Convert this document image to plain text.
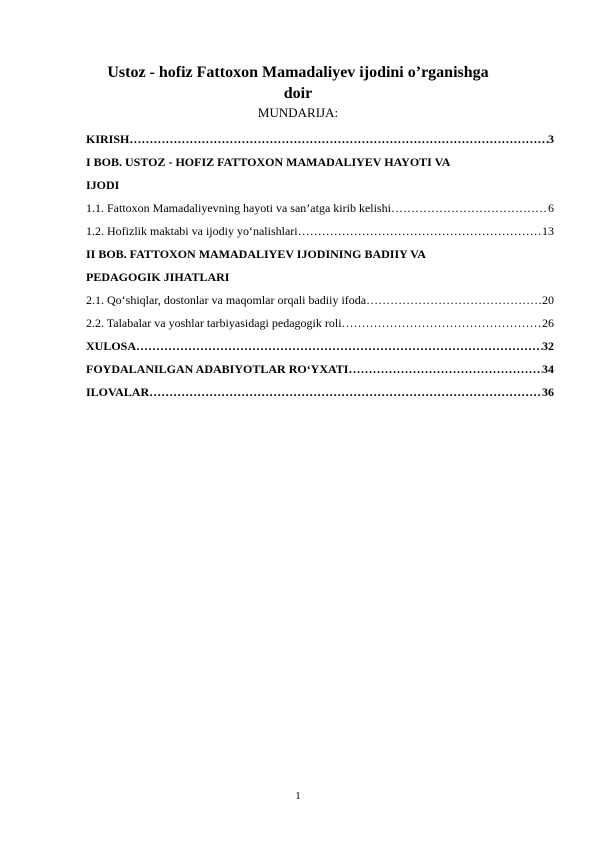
Ustoz - hofiz Fattoxon Mamadaliyev ijodini o’rganishga
doir
MUNDARIJA:
KIRISH ……………………………………………………………………………………………………………	3
I BOB. USTOZ - HOFIZ FATTOXON MAMADALIYEV HAYOTI VA
IJODI
1.1. Fattoxon Mamadaliyevning hayoti va san’atga kirib kelishi ……………………………………………………………………………………………………………	6
1.2. Hofizlik maktabi va ijodiy yo‘nalishlari ……………………………………………………………………………………………………………	13
II BOB. FATTOXON MAMADALIYEV IJODINING BADIIY VA
PEDAGOGIK JIHATLARI
2.1. Qo‘shiqlar, dostonlar va maqomlar orqali badiiy ifoda ……………………………………………………………………………………………………………	20
2.2. Talabalar va yoshlar tarbiyasidagi pedagogik roli ……………………………………………………………………………………………………………	26
XULOSA ……………………………………………………………………………………………………………	32
FOYDALANILGAN ADABIYOTLAR RO‘YXATI ……………………………………………………………………………………………………………	34
ILOVALAR ……………………………………………………………………………………………………………	36
1
